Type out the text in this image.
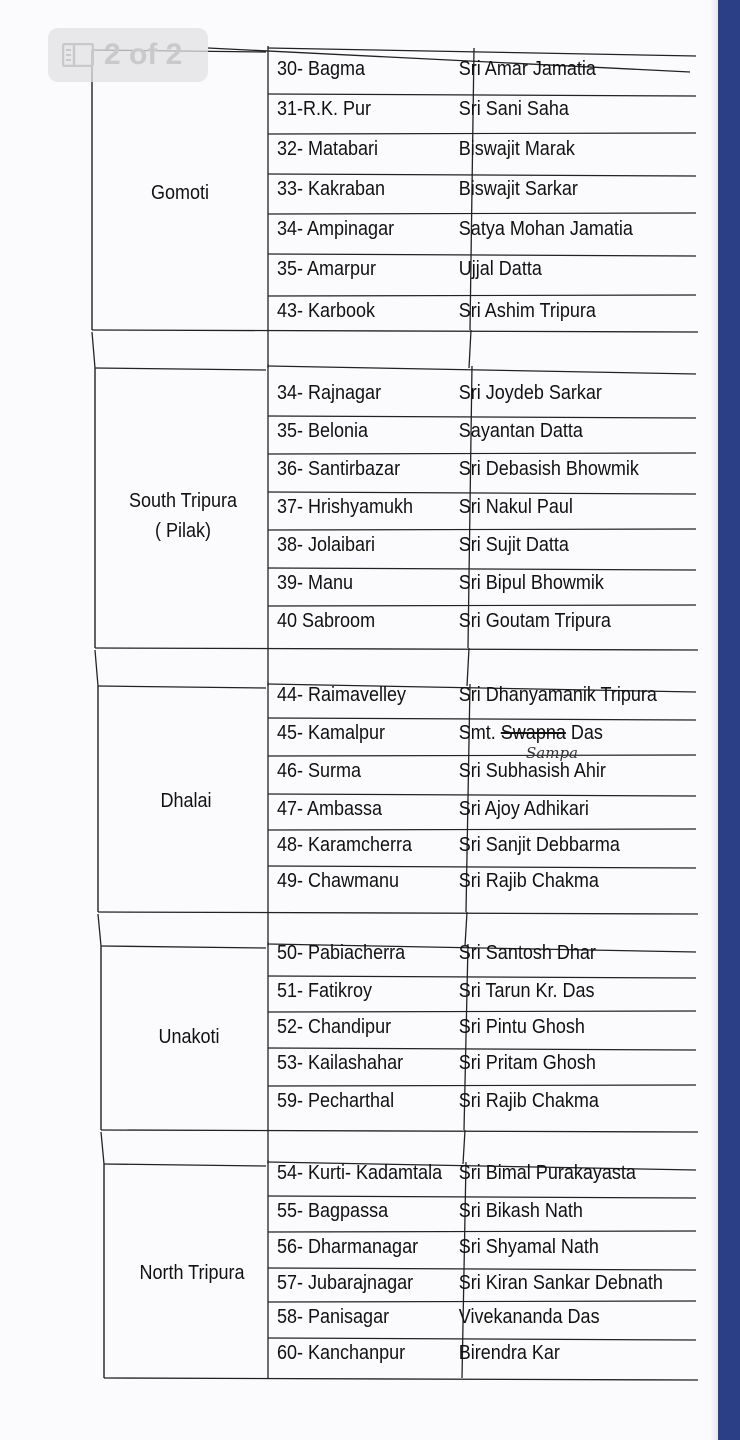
Gomoti
30- Bagma	Sri Amar Jamatia
31-R.K. Pur	Sri Sani Saha
32- Matabari	Biswajit Marak
33- Kakraban	Biswajit Sarkar
34- Ampinagar	Satya Mohan Jamatia
35- Amarpur	Ujjal Datta
43- Karbook	Sri Ashim Tripura
South Tripura
( Pilak)
34- Rajnagar	Sri Joydeb Sarkar
35- Belonia	Sayantan Datta
36- Santirbazar	Sri Debasish Bhowmik
37- Hrishyamukh Sri Nakul Paul
38- Jolaibari	Sri Sujit Datta
39- Manu	Sri Bipul Bhowmik
40 Sabroom	Sri Goutam Tripura
Dhalai
44- Raimavelley	Sri Dhanyamanik Tripura
Sampa
45- Kamalpur	Smt. Swapna Das
46- Surma	Sri Subhasish Ahir
47- Ambassa	Sri Ajoy Adhikari
48- Karamcherra Sri Sanjit Debbarma
49- Chawmanu	Sri Rajib Chakma
Unakoti
50- Pabiacherra	Sri Santosh Dhar
51- Fatikroy	Sri Tarun Kr. Das
52- Chandipur	Sri Pintu Ghosh
53- Kailashahar	Sri Pritam Ghosh
59- Pecharthal	Sri Rajib Chakma
North Tripura
54- Kurti- Kadamtala Sri Bimal Purakayasta
55- Bagpassa	Sri Bikash Nath
56- Dharmanagar Sri Shyamal Nath
57- Jubarajnagar Sri Kiran Sankar Debnath
58- Panisagar	Vivekananda Das
60- Kanchanpur	Birendra Kar
2 of 2
